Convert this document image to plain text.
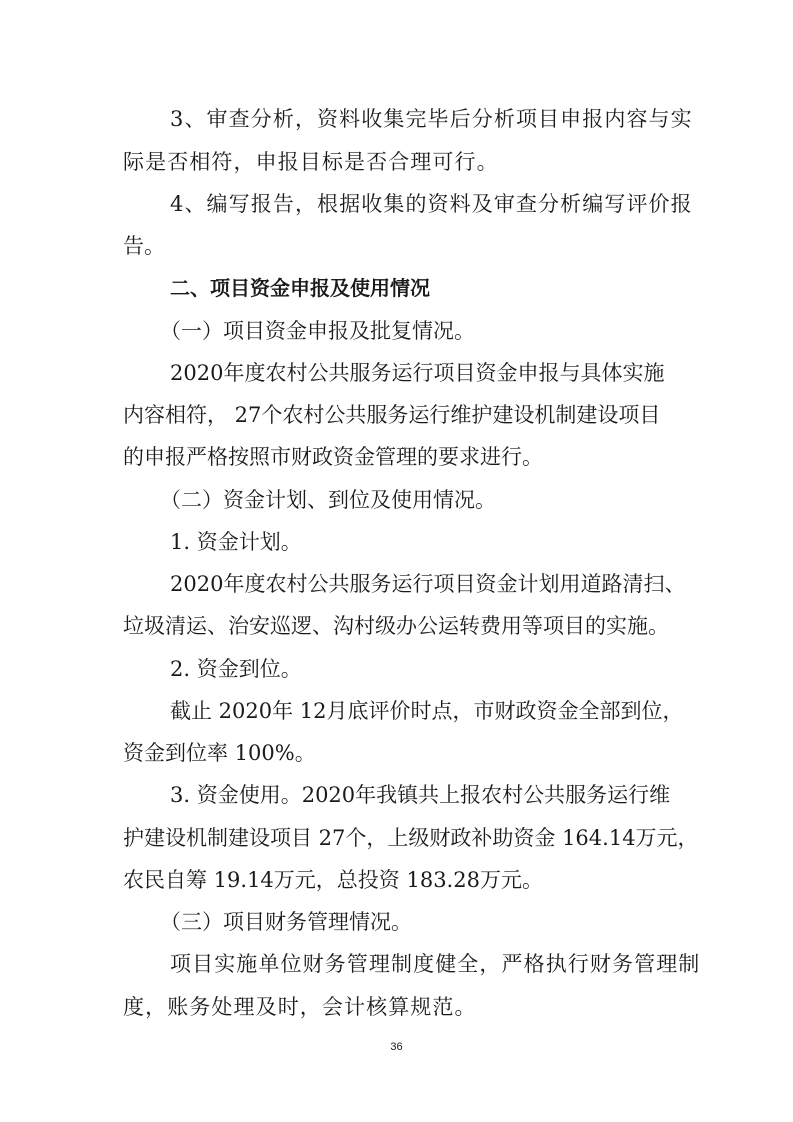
3、审查分析，资料收集完毕后分析项目申报内容与实
际是否相符，申报目标是否合理可行。
4、编写报告，根据收集的资料及审查分析编写评价报
告。
二、项目资金申报及使用情况
（一）项目资金申报及批复情况。
2020年度农村公共服务运行项目资金申报与具体实施
内容相符， 27个农村公共服务运行维护建设机制建设项目
的申报严格按照市财政资金管理的要求进行。
（二）资金计划、到位及使用情况。
1. 资金计划。
2020年度农村公共服务运行项目资金计划用道路清扫、
垃圾清运、治安巡逻、沟村级办公运转费用等项目的实施。
2. 资金到位。
截止 2020年 12月底评价时点，市财政资金全部到位，
资金到位率 100%。
3. 资金使用。2020年我镇共上报农村公共服务运行维
护建设机制建设项目 27个，上级财政补助资金 164.14万元，
农民自筹 19.14万元，总投资 183.28万元。
（三）项目财务管理情况。
项目实施单位财务管理制度健全，严格执行财务管理制
度，账务处理及时，会计核算规范。
36
